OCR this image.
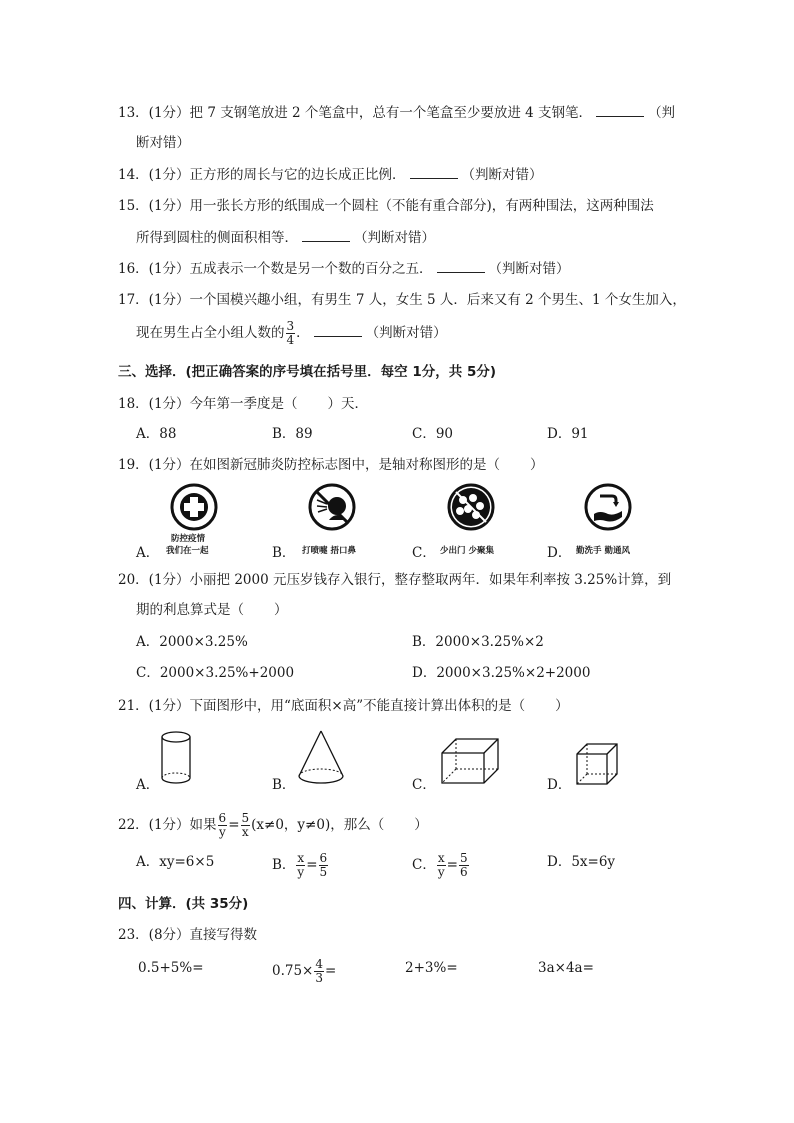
13．(1分）把 7 支钢笔放进 2 个笔盒中，总有一个笔盒至少要放进 4 支钢笔．	（判
断对错）
14．(1分）正方形的周长与它的边长成正比例．	（判断对错）
15．(1分）用一张长方形的纸围成一个圆柱（不能有重合部分)，有两种围法，这两种围法
所得到圆柱的侧面积相等．	（判断对错）
16．(1分）五成表示一个数是另一个数的百分之五．	（判断对错）
17．(1分）一个国模兴趣小组，有男生 7 人，女生 5 人．后来又有 2 个男生、1 个女生加入，
现在男生占全小组人数的 $\frac{3}{4}$ ．	（判断对错）
三、选择．(把正确答案的序号填在括号里．每空 1分，共 5分)
18．(1分）今年第一季度是（ ）天．
A．88	B．89	C．90	D．91
19．(1分）在如图新冠肺炎防控标志图中，是轴对称图形的是（ ）
防控疫情
我们在一起	打喷嚏 捂口鼻	少出门 少聚集	勤洗手 勤通风
A．	B．	C．	D．
20．(1分）小丽把 2000 元压岁钱存入银行，整存整取两年．如果年利率按 3.25%计算，到
期的利息算式是（ ）
A．2000×3.25%	B．2000×3.25%×2
C．2000×3.25%+2000	D．2000×3.25%×2+2000
21．(1分）下面图形中，用“底面积×高”不能直接计算出体积的是（ ）
A．	B．	C．	D．
22．(1分）如果 $\frac{6}{y} = \frac{5}{x} (x\ne 0$，y≠0)，那么（ ）
A．xy=6×5	B． $\frac{x}{y} = \frac{6}{5}$	C． $\frac{x}{y} = \frac{5}{6}$	D．5x=6y
四、计算．(共 35分)
23．(8分）直接写得数
0.5+5%=	$0.75\times \frac{4}{3}$ =	2+3%=	3a×4a=
